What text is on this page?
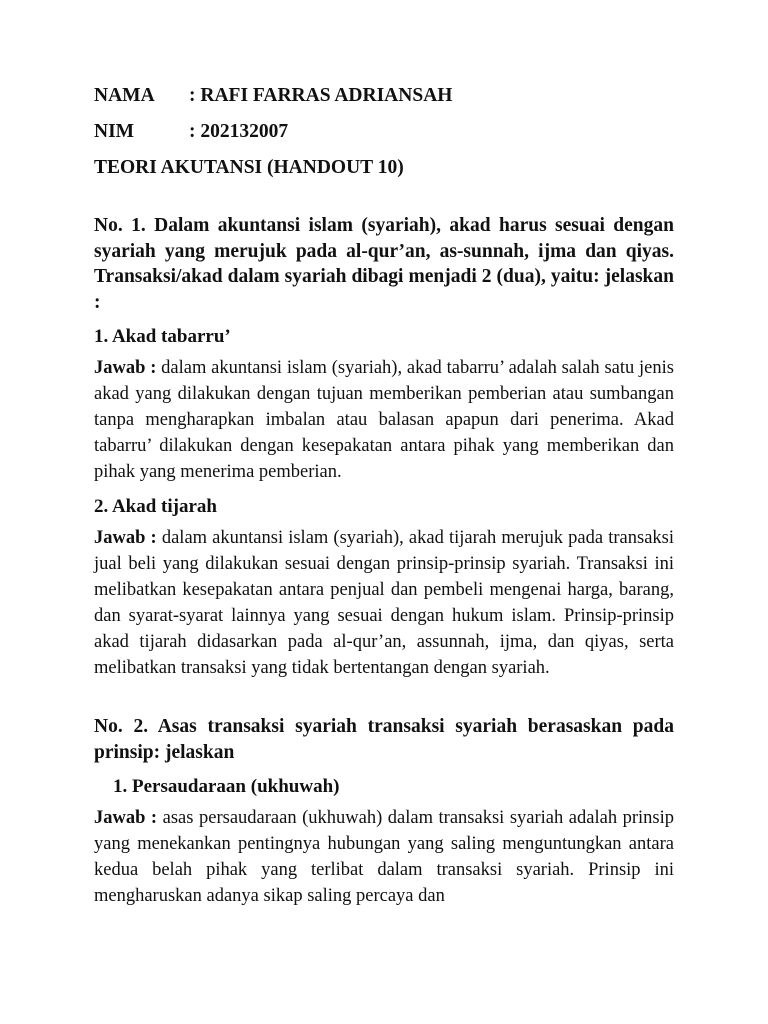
NAMA : RAFI FARRAS ADRIANSAH
NIM	: 202132007
TEORI AKUTANSI (HANDOUT 10)

No. 1. Dalam akuntansi islam (syariah), akad harus sesuai dengan syariah yang merujuk pada al-qur’an, as-sunnah, ijma dan qiyas. Transaksi/akad dalam syariah dibagi menjadi 2 (dua), yaitu: jelaskan :

1. Akad tabarru’

Jawab : dalam akuntansi islam (syariah), akad tabarru’ adalah salah satu jenis akad yang dilakukan dengan tujuan memberikan pemberian atau sumbangan tanpa mengharapkan imbalan atau balasan apapun dari penerima. Akad tabarru’ dilakukan dengan kesepakatan antara pihak yang memberikan dan pihak yang menerima pemberian.

2. Akad tijarah

Jawab : dalam akuntansi islam (syariah), akad tijarah merujuk pada transaksi jual beli yang dilakukan sesuai dengan prinsip-prinsip syariah. Transaksi ini melibatkan kesepakatan antara penjual dan pembeli mengenai harga, barang, dan syarat-syarat lainnya yang sesuai dengan hukum islam. Prinsip-prinsip akad tijarah didasarkan pada al-qur’an, assunnah, ijma, dan qiyas, serta melibatkan transaksi yang tidak bertentangan dengan syariah.

No. 2. Asas transaksi syariah transaksi syariah berasaskan pada prinsip: jelaskan

1. Persaudaraan (ukhuwah)

Jawab : asas persaudaraan (ukhuwah) dalam transaksi syariah adalah prinsip yang menekankan pentingnya hubungan yang saling menguntungkan antara kedua belah pihak yang terlibat dalam transaksi syariah. Prinsip ini mengharuskan adanya sikap saling percaya dan
